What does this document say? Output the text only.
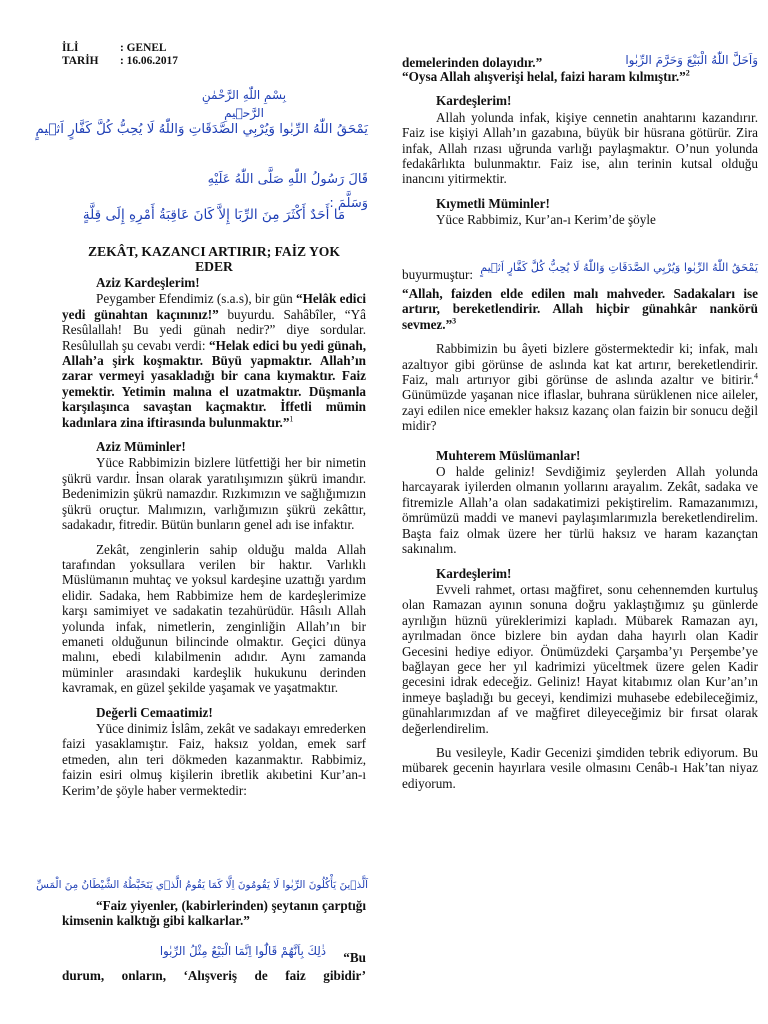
İLİ	: GENEL
TARİH : 16.06.2017
بِسْمِ اللّٰهِ الرَّحْمٰنِ الرَّح۪يمِ
يَمْحَقُ اللّٰهُ الرِّبٰوا وَيُرْبِي الصَّدَقَاتِ وَاللّٰهُ لَا يُحِبُّ كُلَّ كَفَّارٍ اَث۪يمٍ
قَالَ رَسُولُ اللّٰهِ صَلَّى اللّٰهُ عَلَيْهِ وَسَلَّمَ :
مَا أَحَدٌ أَكْثَرَ مِنَ الرِّبَا إِلاَّ كَانَ عَاقِبَةُ أَمْرِهِ إِلَى قِلَّةٍ
ZEKÂT, KAZANCI ARTIRIR; FAİZ YOK
EDER
Aziz Kardeşlerim!

Peygamber Efendimiz (s.a.s), bir gün “Helâk edici yedi günahtan kaçınınız!” buyurdu. Sahâbîler, “Yâ Resûlallah! Bu yedi günah nedir?” diye sordular. Resûlullah şu cevabı verdi: “Helak edici bu yedi günah, Allah’a şirk koşmaktır. Büyü yapmaktır. Allah’ın zarar vermeyi yasakladığı bir cana kıymaktır. Faiz yemektir. Yetimin malına el uzatmaktır. Düşmanla karşılaşınca savaştan kaçmaktır. İffetli mümin kadınlara zina iftirasında bulunmaktır.”$^1$

Aziz Müminler!

Yüce Rabbimizin bizlere lütfettiği her bir nimetin şükrü vardır. İnsan olarak yaratılışımızın şükrü imandır. Bedenimizin şükrü namazdır. Rızkımızın ve sağlığımızın şükrü oruçtur. Malımızın, varlığımızın şükrü zekâttır, sadakadır, fitredir. Bütün bunların genel adı ise infaktır.

Zekât, zenginlerin sahip olduğu malda Allah tarafından yoksullara verilen bir haktır. Varlıklı Müslümanın muhtaç ve yoksul kardeşine uzattığı yardım elidir. Sadaka, hem Rabbimize hem de kardeşlerimize karşı samimiyet ve sadakatin tezahürüdür. Hâsılı Allah yolunda infak, nimetlerin, zenginliğin Allah’ın bir emaneti olduğunun bilincinde olmaktır. Geçici dünya malını, ebedi kılabilmenin adıdır. Aynı zamanda müminler arasındaki kardeşlik hukukunu derinden kavramak, en güzel şekilde yaşamak ve yaşatmaktır.

Değerli Cemaatimiz!

Yüce dinimiz İslâm, zekât ve sadakayı emrederken faizi yasaklamıştır. Faiz, haksız yoldan, emek sarf etmeden, alın teri dökmeden kazanmaktır. Rabbimiz, faizin esiri olmuş kişilerin ibretlik akıbetini Kur’an-ı Kerim’de şöyle haber vermektedir:

اَلَّذ۪ينَ يَأْكُلُونَ الرِّبٰوا لَا يَقُومُونَ اِلَّا كَمَا يَقُومُ الَّذ۪ي يَتَخَبَّطُهُ الشَّيْطَانُ مِنَ الْمَسِّ

“Faiz yiyenler, (kabirlerinden) şeytanın çarptığı kimsenin kalktığı gibi kalkarlar.”

ذٰلِكَ بِاَنَّهُمْ قَالُٓوا اِنَّمَا الْبَيْعُ مِثْلُ الرِّبٰوا “Bu
durum, onların, ‘Alışveriş de faiz gibidir’
demelerinden dolayıdır.”	وَاَحَلَّ اللّٰهُ الْبَيْعَ وَحَرَّمَ الرِّبٰوا

“Oysa Allah alışverişi helal, faizi haram kılmıştır.”$^2$

Kardeşlerim!

Allah yolunda infak, kişiye cennetin anahtarını kazandırır. Faiz ise kişiyi Allah’ın gazabına, büyük bir hüsrana götürür. Zira infak, Allah rızası uğrunda varlığı paylaşmaktır. O’nun yolunda fedakârlıkta bulunmaktır. Faiz ise, alın terinin kutsal olduğu inancını yitirmektir.

Kıymetli Müminler!

Yüce Rabbimiz, Kur’an-ı Kerim’de şöyle

buyurmuştur: يَمْحَقُ اللّٰهُ الرِّبٰوا وَيُرْبِي الصَّدَقَاتِ وَاللّٰهُ لَا يُحِبُّ كُلَّ كَفَّارٍ اَث۪يمٍ

“Allah, faizden elde edilen malı mahveder. Sadakaları ise artırır, bereketlendirir. Allah hiçbir günahkâr nankörü sevmez.”$^3$

Rabbimizin bu âyeti bizlere göstermektedir ki; infak, malı azaltıyor gibi görünse de aslında kat kat artırır, bereketlendirir. Faiz, malı artırıyor gibi görünse de aslında azaltır ve bitirir.$^4$ Günümüzde yaşanan nice iflaslar, buhrana sürüklenen nice aileler, zayi edilen nice emekler haksız kazanç olan faizin bir sonucu değil midir?

Muhterem Müslümanlar!

O halde geliniz! Sevdiğimiz şeylerden Allah yolunda harcayarak iyilerden olmanın yollarını arayalım. Zekât, sadaka ve fitremizle Allah’a olan sadakatimizi pekiştirelim. Ramazanımızı, ömrümüzü maddi ve manevi paylaşımlarımızla bereketlendirelim. Başta faiz olmak üzere her türlü haksız ve haram kazançtan sakınalım.

Kardeşlerim!

Evveli rahmet, ortası mağfiret, sonu cehennemden kurtuluş olan Ramazan ayının sonuna doğru yaklaştığımız şu günlerde ayrılığın hüznü yüreklerimizi kapladı. Mübarek Ramazan ayı, ayrılmadan önce bizlere bin aydan daha hayırlı olan Kadir Gecesini hediye ediyor. Önümüzdeki Çarşamba’yı Perşembe’ye bağlayan gece her yıl kadrimizi yüceltmek üzere gelen Kadir gecesini idrak edeceğiz. Geliniz! Hayat kitabımız olan Kur’an’ın inmeye başladığı bu geceyi, kendimizi muhasebe edebileceğimiz, günahlarımızdan af ve mağfiret dileyeceğimiz bir fırsat olarak değerlendirelim.

Bu vesileyle, Kadir Gecenizi şimdiden tebrik ediyorum. Bu mübarek gecenin hayırlara vesile olmasını Cenâb-ı Hak’tan niyaz ediyorum.
